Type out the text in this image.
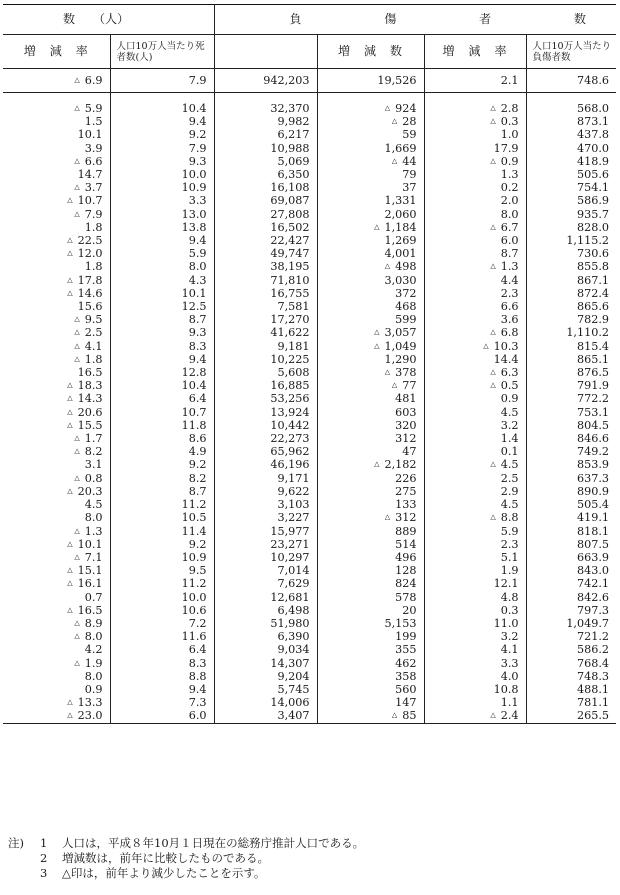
数　　（人）		負 傷 者 数			

増　減　率	人口10万人当たり死者数(人)		増　減　数	増　減　率	人口10万人当たり負傷者数
△ 6.9	7.9	942,203	19,526	2.1	748.6

△ 5.9	10.4	32,370	△ 924	△ 2.8	568.0
1.5	9.4	9,982	△ 28	△ 0.3	873.1
10.1	9.2	6,217	59	1.0	437.8
3.9	7.9	10,988	1,669	17.9	470.0
△ 6.6	9.3	5,069	△ 44	△ 0.9	418.9
14.7	10.0	6,350	79	1.3	505.6
△ 3.7	10.9	16,108	37	0.2	754.1
△ 10.7	3.3	69,087	1,331	2.0	586.9
△ 7.9	13.0	27,808	2,060	8.0	935.7
1.8	13.8	16,502	△ 1,184	△ 6.7	828.0
△ 22.5	9.4	22,427	1,269	6.0	1,115.2
△ 12.0	5.9	49,747	4,001	8.7	730.6
1.8	8.0	38,195	△ 498	△ 1.3	855.8
△ 17.8	4.3	71,810	3,030	4.4	867.1
△ 14.6	10.1	16,755	372	2.3	872.4
15.6	12.5	7,581	468	6.6	865.6
△ 9.5	8.7	17,270	599	3.6	782.9
△ 2.5	9.3	41,622	△ 3,057	△ 6.8	1,110.2
△ 4.1	8.3	9,181	△ 1,049	△ 10.3	815.4
△ 1.8	9.4	10,225	1,290	14.4	865.1
16.5	12.8	5,608	△ 378	△ 6.3	876.5
△ 18.3	10.4	16,885	△ 77	△ 0.5	791.9
△ 14.3	6.4	53,256	481	0.9	772.2
△ 20.6	10.7	13,924	603	4.5	753.1
△ 15.5	11.8	10,442	320	3.2	804.5
△ 1.7	8.6	22,273	312	1.4	846.6
△ 8.2	4.9	65,962	47	0.1	749.2
3.1	9.2	46,196	△ 2,182	△ 4.5	853.9
△ 0.8	8.2	9,171	226	2.5	637.3
△ 20.3	8.7	9,622	275	2.9	890.9
4.5	11.2	3,103	133	4.5	505.4
8.0	10.5	3,227	△ 312	△ 8.8	419.1
△ 1.3	11.4	15,977	889	5.9	818.1
△ 10.1	9.2	23,271	514	2.3	807.5
△ 7.1	10.9	10,297	496	5.1	663.9
△ 15.1	9.5	7,014	128	1.9	843.0
△ 16.1	11.2	7,629	824	12.1	742.1
0.7	10.0	12,681	578	4.8	842.6
△ 16.5	10.6	6,498	20	0.3	797.3
△ 8.9	7.2	51,980	5,153	11.0	1,049.7
△ 8.0	11.6	6,390	199	3.2	721.2
4.2	6.4	9,034	355	4.1	586.2
△ 1.9	8.3	14,307	462	3.3	768.4
8.0	8.8	9,204	358	4.0	748.3
0.9	9.4	5,745	560	10.8	488.1
△ 13.3	7.3	14,006	147	1.1	781.1
△ 23.0	6.0	3,407	△ 85	△ 2.4	265.5
注)	1	人口は，平成８年10月１日現在の総務庁推計人口である。
2	増減数は，前年に比較したものである。
3	△印は，前年より減少したことを示す。
